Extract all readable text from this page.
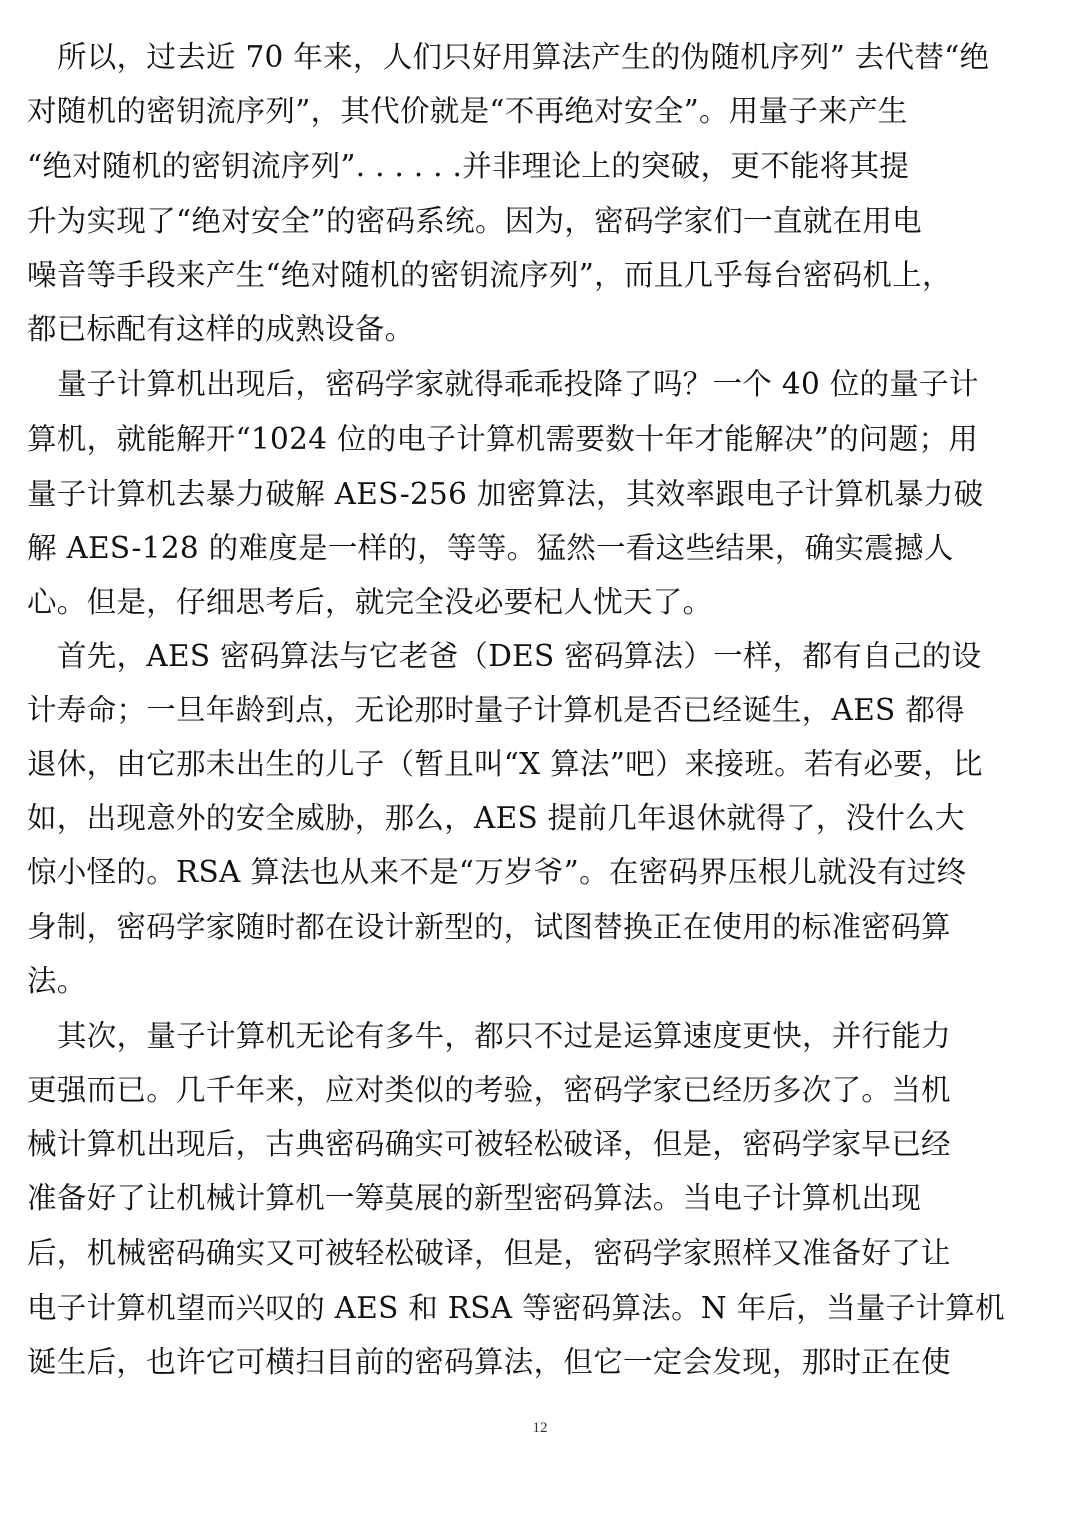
所以，过去近 70 年来，人们只好用算法产生的伪随机序列” 去代替“绝

对随机的密钥流序列”，其代价就是“不再绝对安全”。用量子来产生

“绝对随机的密钥流序列”. . . . . .并非理论上的突破，更不能将其提

升为实现了“绝对安全”的密码系统。因为，密码学家们一直就在用电

噪音等手段来产生“绝对随机的密钥流序列”，而且几乎每台密码机上，

都已标配有这样的成熟设备。

量子计算机出现后，密码学家就得乖乖投降了吗？一个 40 位的量子计

算机，就能解开“1024 位的电子计算机需要数十年才能解决”的问题；用

量子计算机去暴力破解 AES-256 加密算法，其效率跟电子计算机暴力破

解 AES-128 的难度是一样的，等等。猛然一看这些结果，确实震撼人

心。但是，仔细思考后，就完全没必要杞人忧天了。

首先，AES 密码算法与它老爸（DES 密码算法）一样，都有自己的设

计寿命；一旦年龄到点，无论那时量子计算机是否已经诞生，AES 都得

退休，由它那未出生的儿子（暂且叫“X 算法”吧）来接班。若有必要，比

如，出现意外的安全威胁，那么，AES 提前几年退休就得了，没什么大

惊小怪的。RSA 算法也从来不是“万岁爷”。在密码界压根儿就没有过终

身制，密码学家随时都在设计新型的，试图替换正在使用的标准密码算

法。

其次，量子计算机无论有多牛，都只不过是运算速度更快，并行能力

更强而已。几千年来，应对类似的考验，密码学家已经历多次了。当机

械计算机出现后，古典密码确实可被轻松破译，但是，密码学家早已经

准备好了让机械计算机一筹莫展的新型密码算法。当电子计算机出现

后，机械密码确实又可被轻松破译，但是，密码学家照样又准备好了让

电子计算机望而兴叹的 AES 和 RSA 等密码算法。N 年后，当量子计算机

诞生后，也许它可横扫目前的密码算法，但它一定会发现，那时正在使

12
